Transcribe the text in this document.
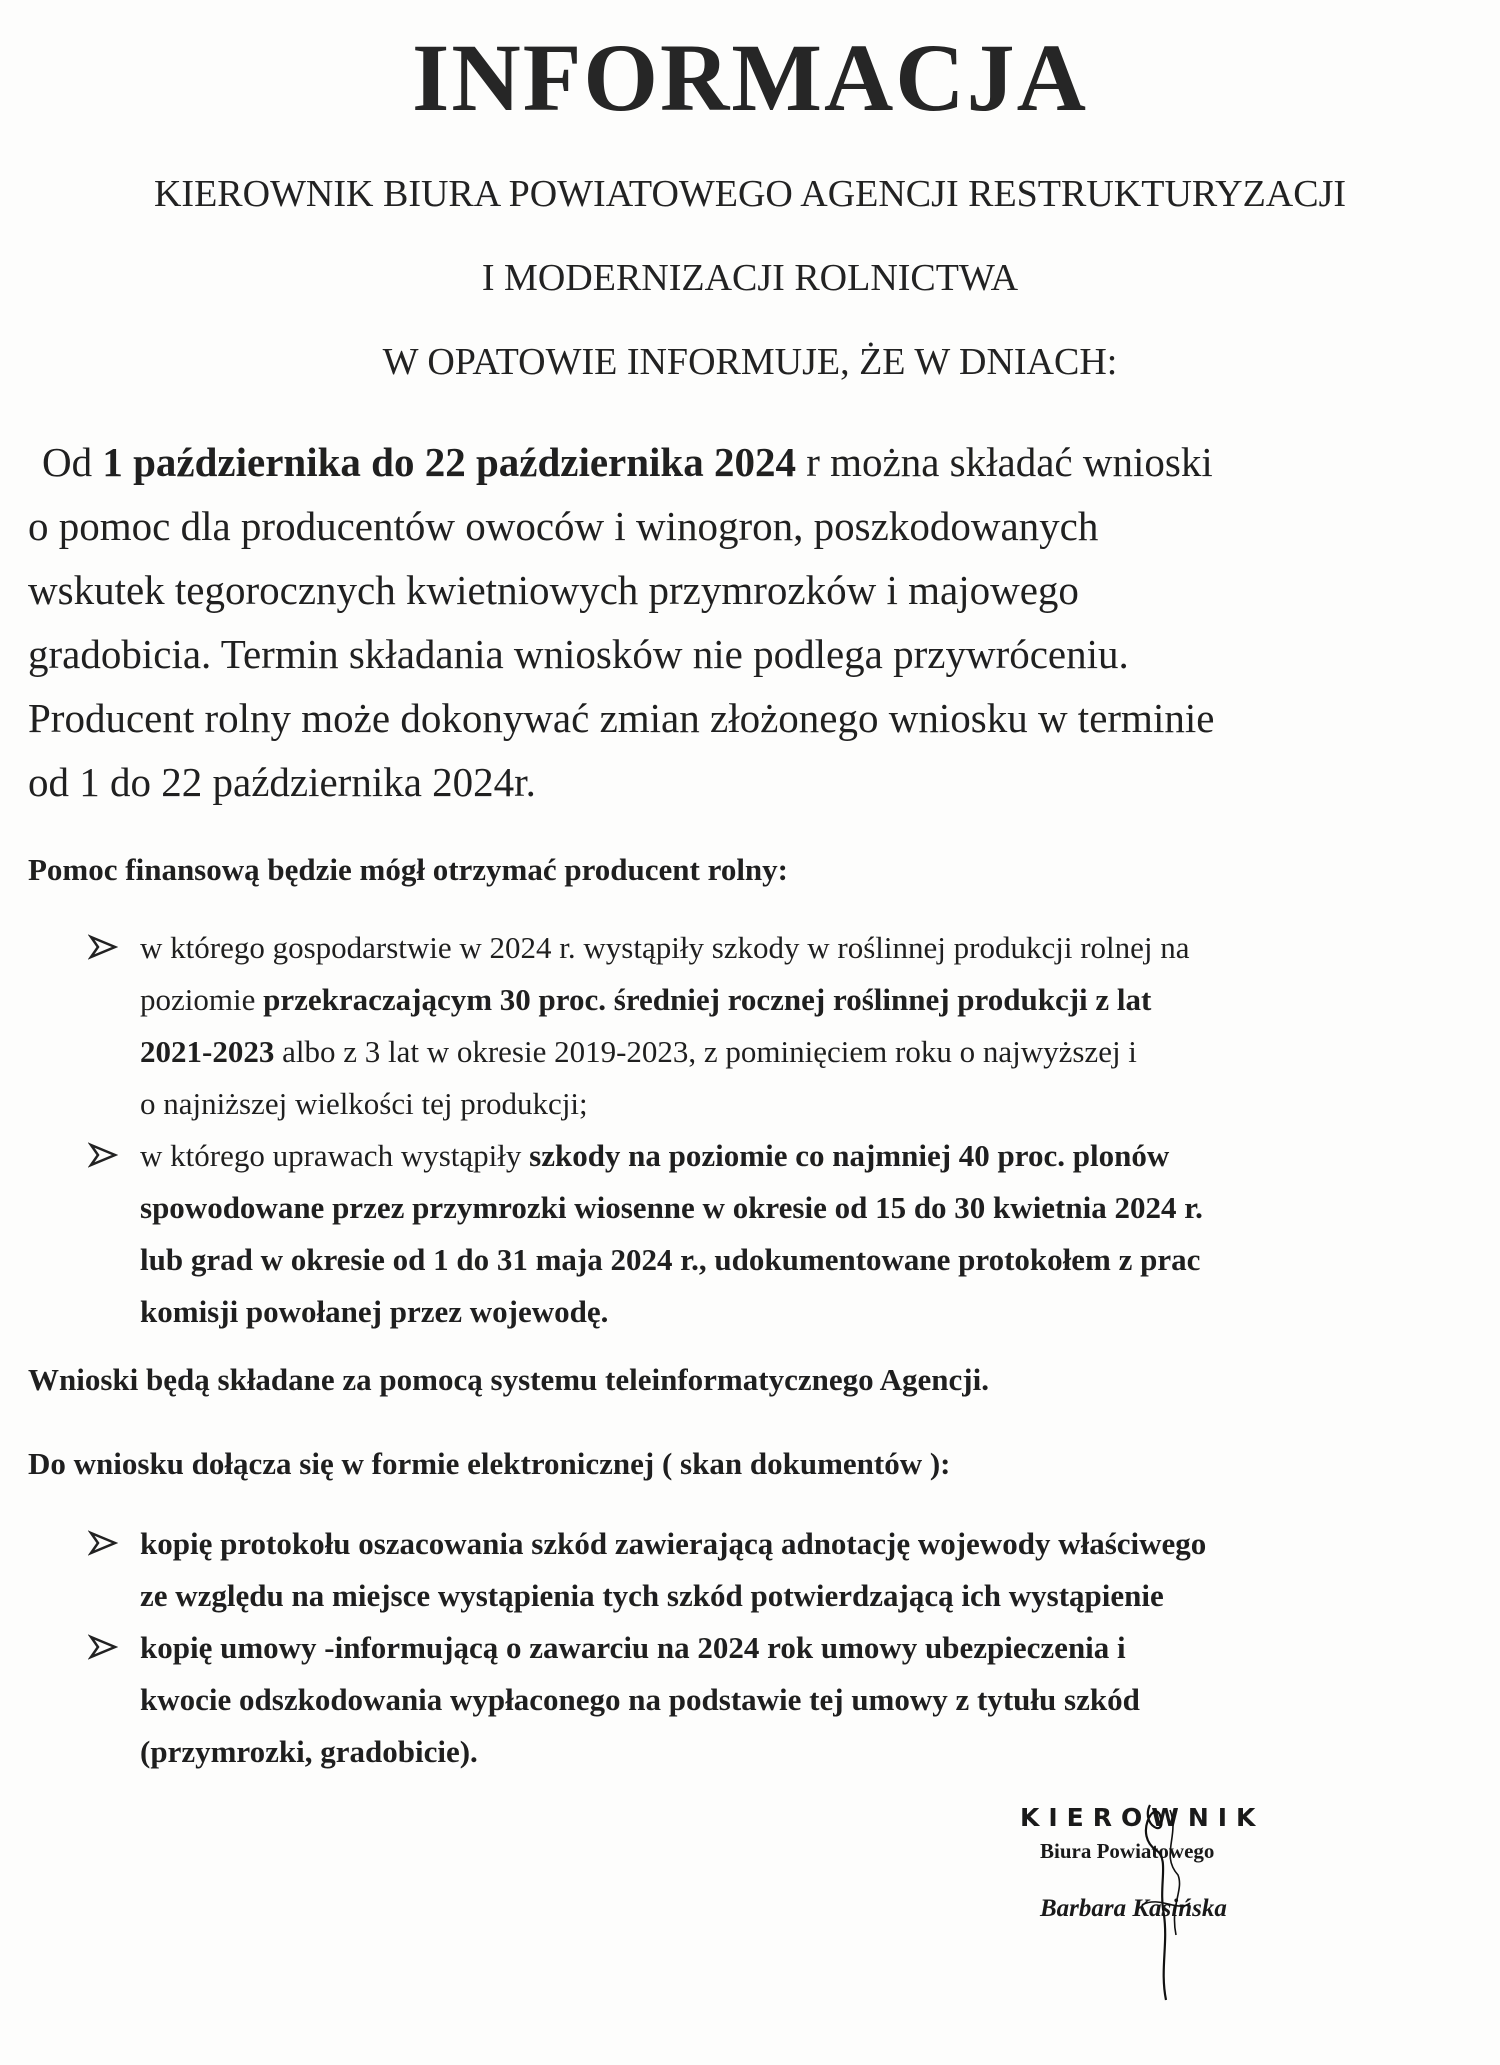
INFORMACJA
KIEROWNIK BIURA POWIATOWEGO AGENCJI RESTRUKTURYZACJI
I MODERNIZACJI ROLNICTWA
W OPATOWIE INFORMUJE, ŻE W DNIACH:
Od 1 października do 22 października 2024 r można składać wnioski
o pomoc dla producentów owoców i winogron, poszkodowanych
wskutek tegorocznych kwietniowych przymrozków i majowego
gradobicia. Termin składania wniosków nie podlega przywróceniu.
Producent rolny może dokonywać zmian złożonego wniosku w terminie
od 1 do 22 października 2024r.
Pomoc finansową będzie mógł otrzymać producent rolny:
w którego gospodarstwie w 2024 r. wystąpiły szkody w roślinnej produkcji rolnej na
poziomie przekraczającym 30 proc. średniej rocznej roślinnej produkcji z lat
2021-2023 albo z 3 lat w okresie 2019-2023, z pominięciem roku o najwyższej i
o najniższej wielkości tej produkcji;
w którego uprawach wystąpiły szkody na poziomie co najmniej 40 proc. plonów
spowodowane przez przymrozki wiosenne w okresie od 15 do 30 kwietnia 2024 r.
lub grad w okresie od 1 do 31 maja 2024 r., udokumentowane protokołem z prac
komisji powołanej przez wojewodę.
Wnioski będą składane za pomocą systemu teleinformatycznego Agencji.
Do wniosku dołącza się w formie elektronicznej ( skan dokumentów ):
kopię protokołu oszacowania szkód zawierającą adnotację wojewody właściwego
ze względu na miejsce wystąpienia tych szkód potwierdzającą ich wystąpienie
kopię umowy -informującą o zawarciu na 2024 rok umowy ubezpieczenia i
kwocie odszkodowania wypłaconego na podstawie tej umowy z tytułu szkód
(przymrozki, gradobicie).
KIEROWNIK
Biura Powiatowego
Barbara Kasińska
